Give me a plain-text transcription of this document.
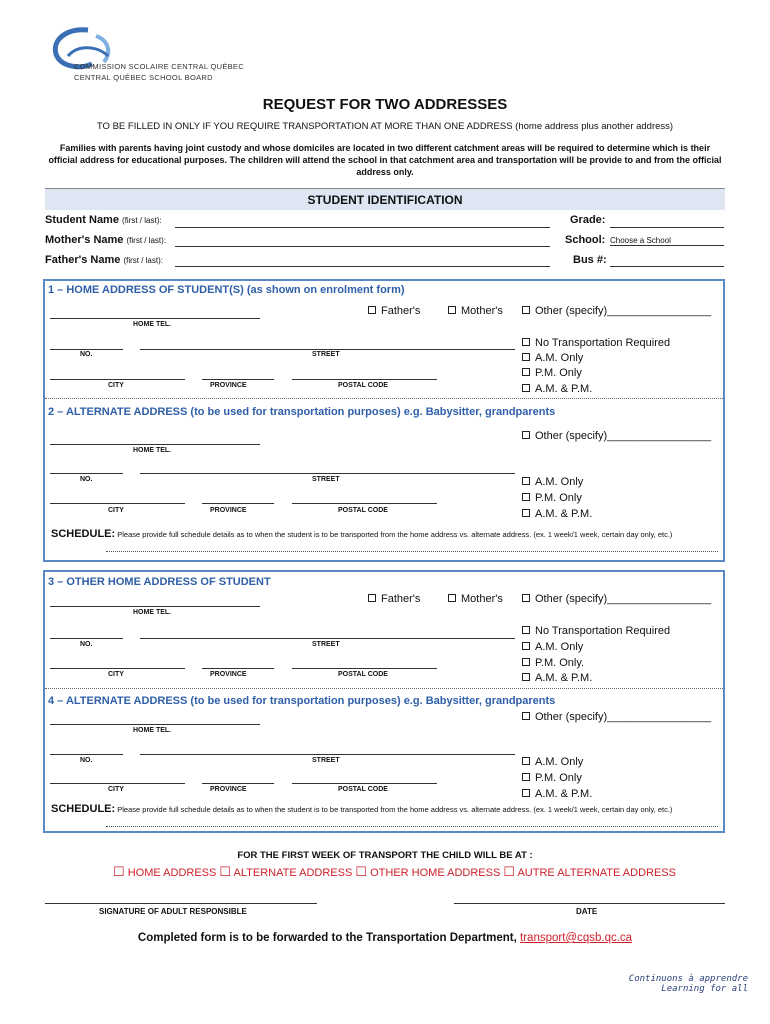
COMMISSION SCOLAIRE CENTRAL QUÉBEC
CENTRAL QUÉBEC SCHOOL BOARD
REQUEST FOR TWO ADDRESSES
TO BE FILLED IN ONLY IF YOU REQUIRE TRANSPORTATION AT MORE THAN ONE ADDRESS (home address plus another address)
Families with parents having joint custody and whose domiciles are located in two different catchment areas will be required to determine which is their official address for educational purposes. The children will attend the school in that catchment area and transportation will be provide to and from the official address only.
STUDENT IDENTIFICATION
Student Name (first / last):
Mother's Name (first / last):
Father's Name (first / last):
Grade:
School: Choose a School
Bus #:
1 – HOME ADDRESS OF STUDENT(S) (as shown on enrolment form)
Father's	Mother's	Other (specify)_________________
HOME TEL.
NO.	STREET
CITY	PROVINCE	POSTAL CODE
No Transportation Required
A.M. Only
P.M. Only
A.M. & P.M.
2 – ALTERNATE ADDRESS (to be used for transportation purposes) e.g. Babysitter, grandparents
Other (specify)_________________
HOME TEL.
NO.	STREET
CITY	PROVINCE	POSTAL CODE
A.M. Only
P.M. Only
A.M. & P.M.
SCHEDULE: Please provide full schedule details as to when the student is to be transported from the home address vs. alternate address. (ex. 1 week/1 week, certain day only, etc.)
3 – OTHER HOME ADDRESS OF STUDENT
Father's	Mother's	Other (specify)_________________
HOME TEL.
NO.	STREET
CITY	PROVINCE	POSTAL CODE
No Transportation Required
A.M. Only
P.M. Only.
A.M. & P.M.
4 – ALTERNATE ADDRESS (to be used for transportation purposes) e.g. Babysitter, grandparents
Other (specify)_________________
HOME TEL.
NO.	STREET
CITY	PROVINCE	POSTAL CODE
A.M. Only
P.M. Only
A.M. & P.M.
SCHEDULE: Please provide full schedule details as to when the student is to be transported from the home address vs. alternate address. (ex. 1 week/1 week, certain day only, etc.)
FOR THE FIRST WEEK OF TRANSPORT THE CHILD WILL BE AT :
☐ HOME ADDRESS ☐ ALTERNATE ADDRESS ☐ OTHER HOME ADDRESS ☐ AUTRE ALTERNATE ADDRESS
SIGNATURE OF ADULT RESPONSIBLE	DATE
Completed form is to be forwarded to the Transportation Department, transport@cqsb.qc.ca
Continuons à apprendre
Learning for all
